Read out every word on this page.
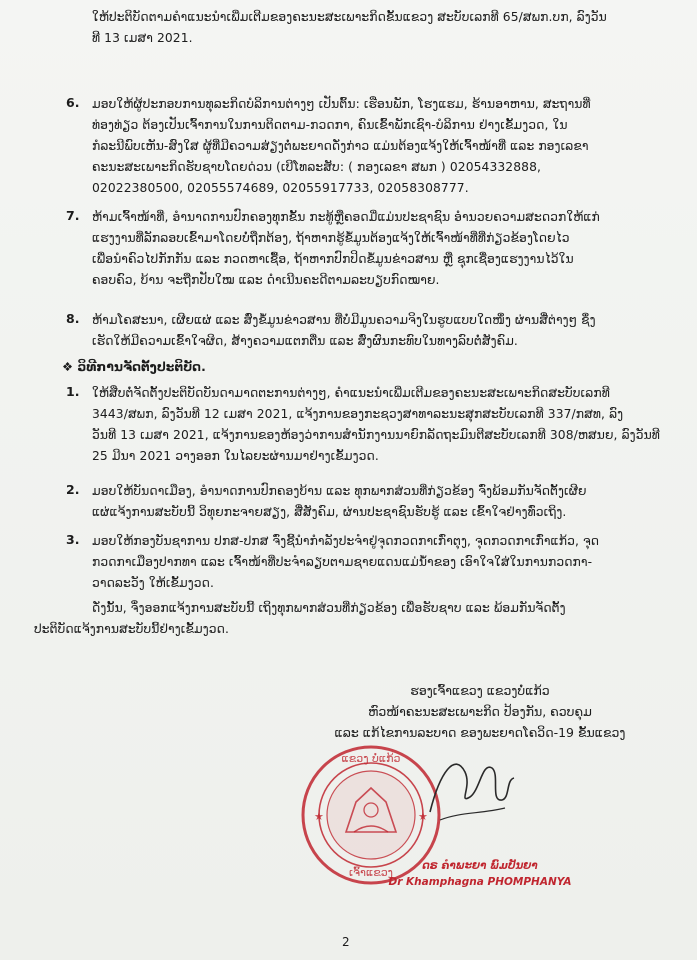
ໃຫ້ປະຕິບັດຕາມຄຳແນະນຳເພີ່ມເຕີມຂອງຄະນະສະເພາະກິດຂັ້ນແຂວງ ສະບັບເລກທີ 65/ສພກ.ບກ, ລົງວັນ
ທີ 13 ເມສາ 2021.
6. ມອບໃຫ້ຜູ້ປະກອບການທຸລະກິດບໍລິການຕ່າງໆ ເປັນຕົ້ນ: ເຮືອນພັກ, ໂຮງແຮມ, ຮ້ານອາຫານ, ສະຖານທີ່
ທ່ອງທ່ຽວ ຕ້ອງເປັນເຈົ້າການໃນການຕິດຕາມ-ກວດກາ, ຄົນເຂົ້າພັກເຊົາ-ບໍລິການ ຢ່າງເຂັ້ມງວດ, ໃນ
ກໍລະນີພົບເຫັນ-ສົງໃສ ຜູ້ທີ່ມີຄວາມສ່ຽງຕໍ່ພະຍາດດັ່ງກ່າວ ແມ່ນຕ້ອງແຈ້ງໃຫ້ເຈົ້າໜ້າທີ່ ແລະ ກອງເລຂາ
ຄະນະສະເພາະກິດຮັບຊາບໂດຍດ່ວນ (ເບີໂທລະສັບ: ( ກອງເລຂາ ສພກ ) 02054332888,
02022380500, 02055574689, 02055917733, 02058308777.
7. ຫ້າມເຈົ້າໜ້າທີ່, ອຳນາດການປົກຄອງທຸກຂັ້ນ ກະທູ້ຫຼືຄອດມີ່ແມ່ນປະຊາຊົນ ອຳນວຍຄວາມສະດວກໃຫ້ແກ່
ແຮງງານທີ່ລັກລອບເຂົ້າມາໂດຍບໍ່ຖືກຕ້ອງ, ຖ້າຫາກຮູ້ຂໍ້ມູນຕ້ອງແຈ້ງໃຫ້ເຈົ້າໜ້າທີ່ທີ່ກ່ຽວຂ້ອງໂດຍໄວ
ເພື່ອນຳຄົວໄປກັກກັນ ແລະ ກວດຫາເຊື້ອ, ຖ້າຫາກປົກປິດຂໍ້ມູນຂ່າວສານ ຫຼື ຊຸກເຊື່ອງແຮງງານໄວ້ໃນ
ຄອບຄົວ, ບ້ານ ຈະຖືກປັບໃໝ ແລະ ດຳເນີນຄະດີຕາມລະບຽບກົດໝາຍ.
8. ຫ້າມໂຄສະນາ, ເຜີຍແຜ່ ແລະ ສົ່ງຂໍ້ມູນຂ່າວສານ ທີ່ບໍ່ມີມູນຄວາມຈິງໃນຮູບແບບໃດໜຶ່ງ ຜ່ານສື່ຕ່າງໆ ຊຶ່ງ
ເຮັດໃຫ້ມີຄວາມເຂົ້າໃຈຜິດ, ສ້າງຄວາມແຕກຕື່ນ ແລະ ສົ່ງຜົນກະທົບໃນທາງລົບຕໍ່ສັງຄົມ.
❖ ວິທີການຈັດຕັ້ງປະຕິບັດ.
1. ໃຫ້ສືບຕໍ່ຈັດຕັ້ງປະຕິບັດບັນດາມາດຕະການຕ່າງໆ, ຄຳແນະນຳເພີ່ມເຕີມຂອງຄະນະສະເພາະກິດສະບັບເລກທີ
3443/ສພກ, ລົງວັນທີ 12 ເມສາ 2021, ແຈ້ງການຂອງກະຊວງສາທາລະນະສຸກສະບັບເລກທີ 337/ກສທ, ລົງ
ວັນທີ 13 ເມສາ 2021, ແຈ້ງການຂອງຫ້ອງວ່າການສຳນັກງານນາຍົກລັດຖະມົນຕີສະບັບເລກທີ 308/ຫສນຍ, ລົງວັນທີ
25 ມີນາ 2021 ວາງອອກ ໃນໄລຍະຜ່ານມາຢ່າງເຂັ້ມງວດ.
2. ມອບໃຫ້ບັນດາເມືອງ, ອຳນາດການປົກຄອງບ້ານ ແລະ ທຸກພາກສ່ວນທີ່ກ່ຽວຂ້ອງ ຈົ່ງພ້ອມກັນຈັດຕັ້ງເຜີຍ
ແຜ່ແຈ້ງການສະບັບນີ້ ວິທຸຍກະຈາຍສຽງ, ສື່ສັງຄົມ, ຜ່ານປະຊາຊົນຮັບຮູ້ ແລະ ເຂົ້າໃຈຢ່າງທົ່ວເຖິງ.
3. ມອບໃຫ້ກອງບັນຊາການ ປກສ-ປກສ ຈົ່ງຊີ້ນຳກຳລັງປະຈຳຢູ່ຈຸດກວດກາເກົ່າຕຸງ, ຈຸດກວດກາເກົ່າແກ້ວ, ຈຸດ
ກວດກາເມືອງປາກທາ ແລະ ເຈົ້າໜ້າທີ່ປະຈຳລຽບຕາມຊາຍແດນແມ່ນ້ຳຂອງ ເອົາໃຈໃສ່ໃນການກວດກາ-
ວາດລະວັງ ໃຫ້ເຂັ້ມງວດ.
ດັ່ງນັ້ນ, ຈຶ່ງອອກແຈ້ງການສະບັບນີ້ ເຖິງທຸກພາກສ່ວນທີ່ກ່ຽວຂ້ອງ ເພື່ອຮັບຊາບ ແລະ ພ້ອມກັນຈັດຕັ້ງ
ປະຕິບັດແຈ້ງການສະບັບນີ້ຢ່າງເຂັ້ມງວດ.
ຮອງເຈົ້າແຂວງ ແຂວງບໍ່ແກ້ວ
ຫົວໜ້າຄະນະສະເພາະກິດ ປ້ອງກັນ, ຄວບຄຸມ
ແລະ ແກ້ໄຂການລະບາດ ຂອງພະຍາດໂຄວິດ-19 ຂັ້ນແຂວງ
★	★
ແຂວງ ບໍ່ແກ້ວ
ເຈົ້າແຂວງ	ດຣ ຄຳພະຍາ ພົມປັນຍາ
Dr Khamphagna PHOMPHANYA
2
